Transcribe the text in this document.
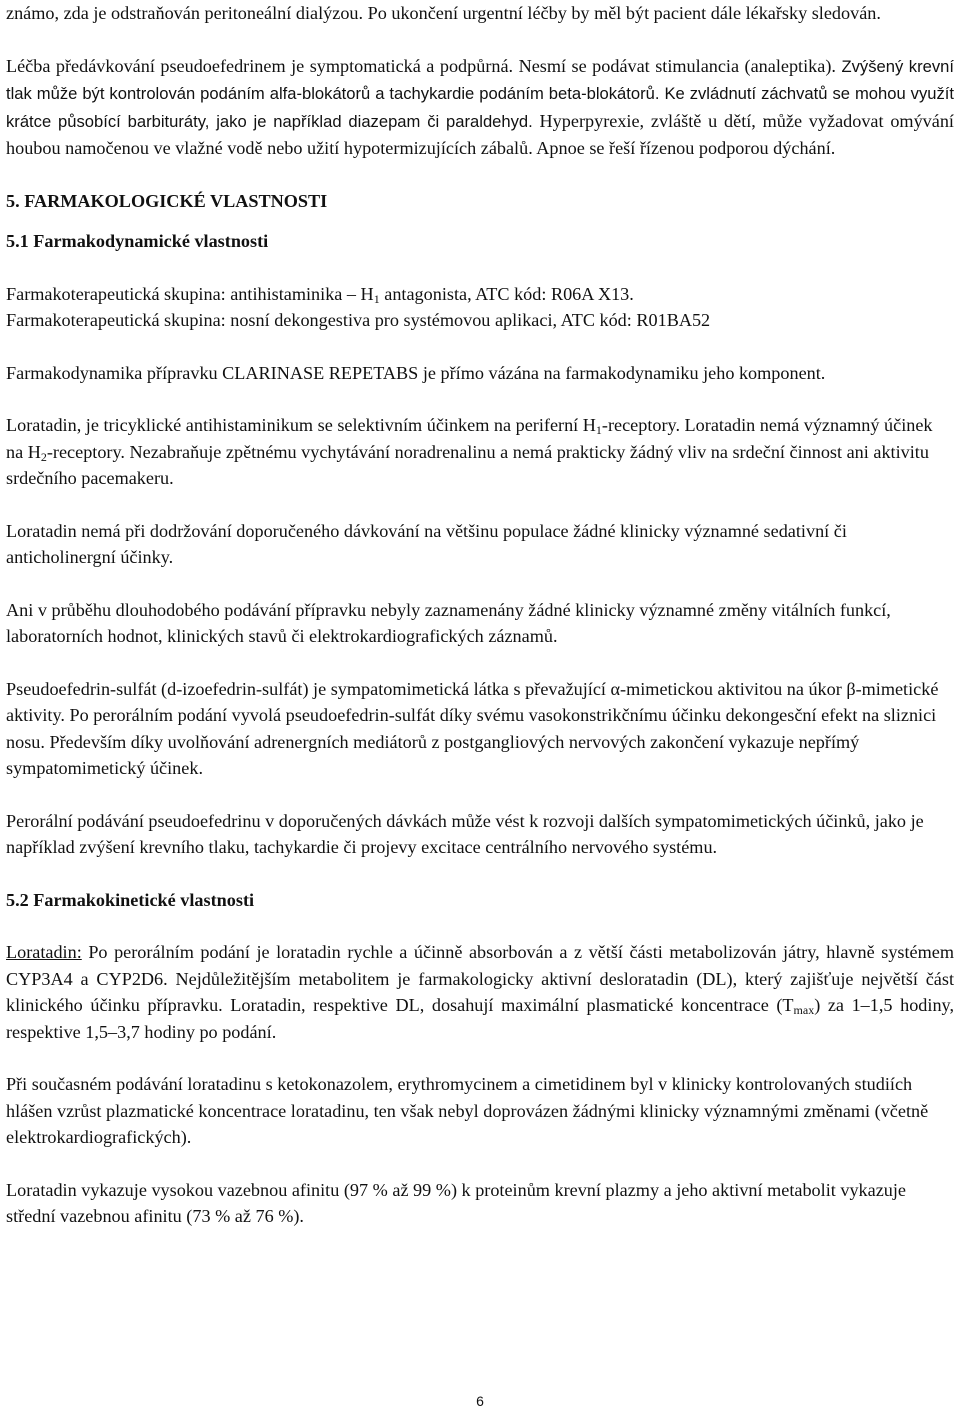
známo, zda je odstraňován peritoneální dialýzou. Po ukončení urgentní léčby by měl být pacient dále lékařsky sledován.

Léčba předávkování pseudoefedrinem je symptomatická a podpůrná. Nesmí se podávat stimulancia (analeptika). Zvýšený krevní tlak může být kontrolován podáním alfa-blokátorů a tachykardie podáním beta-blokátorů. Ke zvládnutí záchvatů se mohou využít krátce působící barbituráty, jako je například diazepam či paraldehyd. Hyperpyrexie, zvláště u dětí, může vyžadovat omývání houbou namočenou ve vlažné vodě nebo užití hypotermizujících zábalů. Apnoe se řeší řízenou podporou dýchání.

5. FARMAKOLOGICKÉ VLASTNOSTI

5.1 Farmakodynamické vlastnosti

Farmakoterapeutická skupina: antihistaminika – $H_1$ antagonista, ATC kód: R06A X13.

Farmakoterapeutická skupina: nosní dekongestiva pro systémovou aplikaci, ATC kód: R01BA52

Farmakodynamika přípravku CLARINASE REPETABS je přímo vázána na farmakodynamiku jeho komponent.

Loratadin, je tricyklické antihistaminikum se selektivním účinkem na periferní $H_1$-receptory. Loratadin nemá významný účinek na $H_2$-receptory. Nezabraňuje zpětnému vychytávání noradrenalinu a nemá prakticky žádný vliv na srdeční činnost ani aktivitu srdečního pacemakeru.

Loratadin nemá při dodržování doporučeného dávkování na většinu populace žádné klinicky významné sedativní či anticholinergní účinky.

Ani v průběhu dlouhodobého podávání přípravku nebyly zaznamenány žádné klinicky významné změny vitálních funkcí, laboratorních hodnot, klinických stavů či elektrokardiografických záznamů.

Pseudoefedrin-sulfát (d-izoefedrin-sulfát) je sympatomimetická látka s převažující α-mimetickou aktivitou na úkor β-mimetické aktivity. Po perorálním podání vyvolá pseudoefedrin-sulfát díky svému vasokonstrikčnímu účinku dekongesční efekt na sliznici nosu. Především díky uvolňování adrenergních mediátorů z postgangliových nervových zakončení vykazuje nepřímý sympatomimetický účinek.

Perorální podávání pseudoefedrinu v doporučených dávkách může vést k rozvoji dalších sympatomimetických účinků, jako je například zvýšení krevního tlaku, tachykardie či projevy excitace centrálního nervového systému.

5.2 Farmakokinetické vlastnosti

Loratadin: Po perorálním podání je loratadin rychle a účinně absorbován a z větší části metabolizován játry, hlavně systémem CYP3A4 a CYP2D6. Nejdůležitějším metabolitem je farmakologicky aktivní desloratadin (DL), který zajišťuje největší část klinického účinku přípravku. Loratadin, respektive DL, dosahují maximální plasmatické koncentrace $(T_{max})$ za 1–1,5 hodiny, respektive 1,5–3,7 hodiny po podání.

Při současném podávání loratadinu s ketokonazolem, erythromycinem a cimetidinem byl v klinicky kontrolovaných studiích hlášen vzrůst plazmatické koncentrace loratadinu, ten však nebyl doprovázen žádnými klinicky významnými změnami (včetně elektrokardiografických).

Loratadin vykazuje vysokou vazebnou afinitu (97 % až 99 %) k proteinům krevní plazmy a jeho aktivní metabolit vykazuje střední vazebnou afinitu (73 % až 76 %).

6
